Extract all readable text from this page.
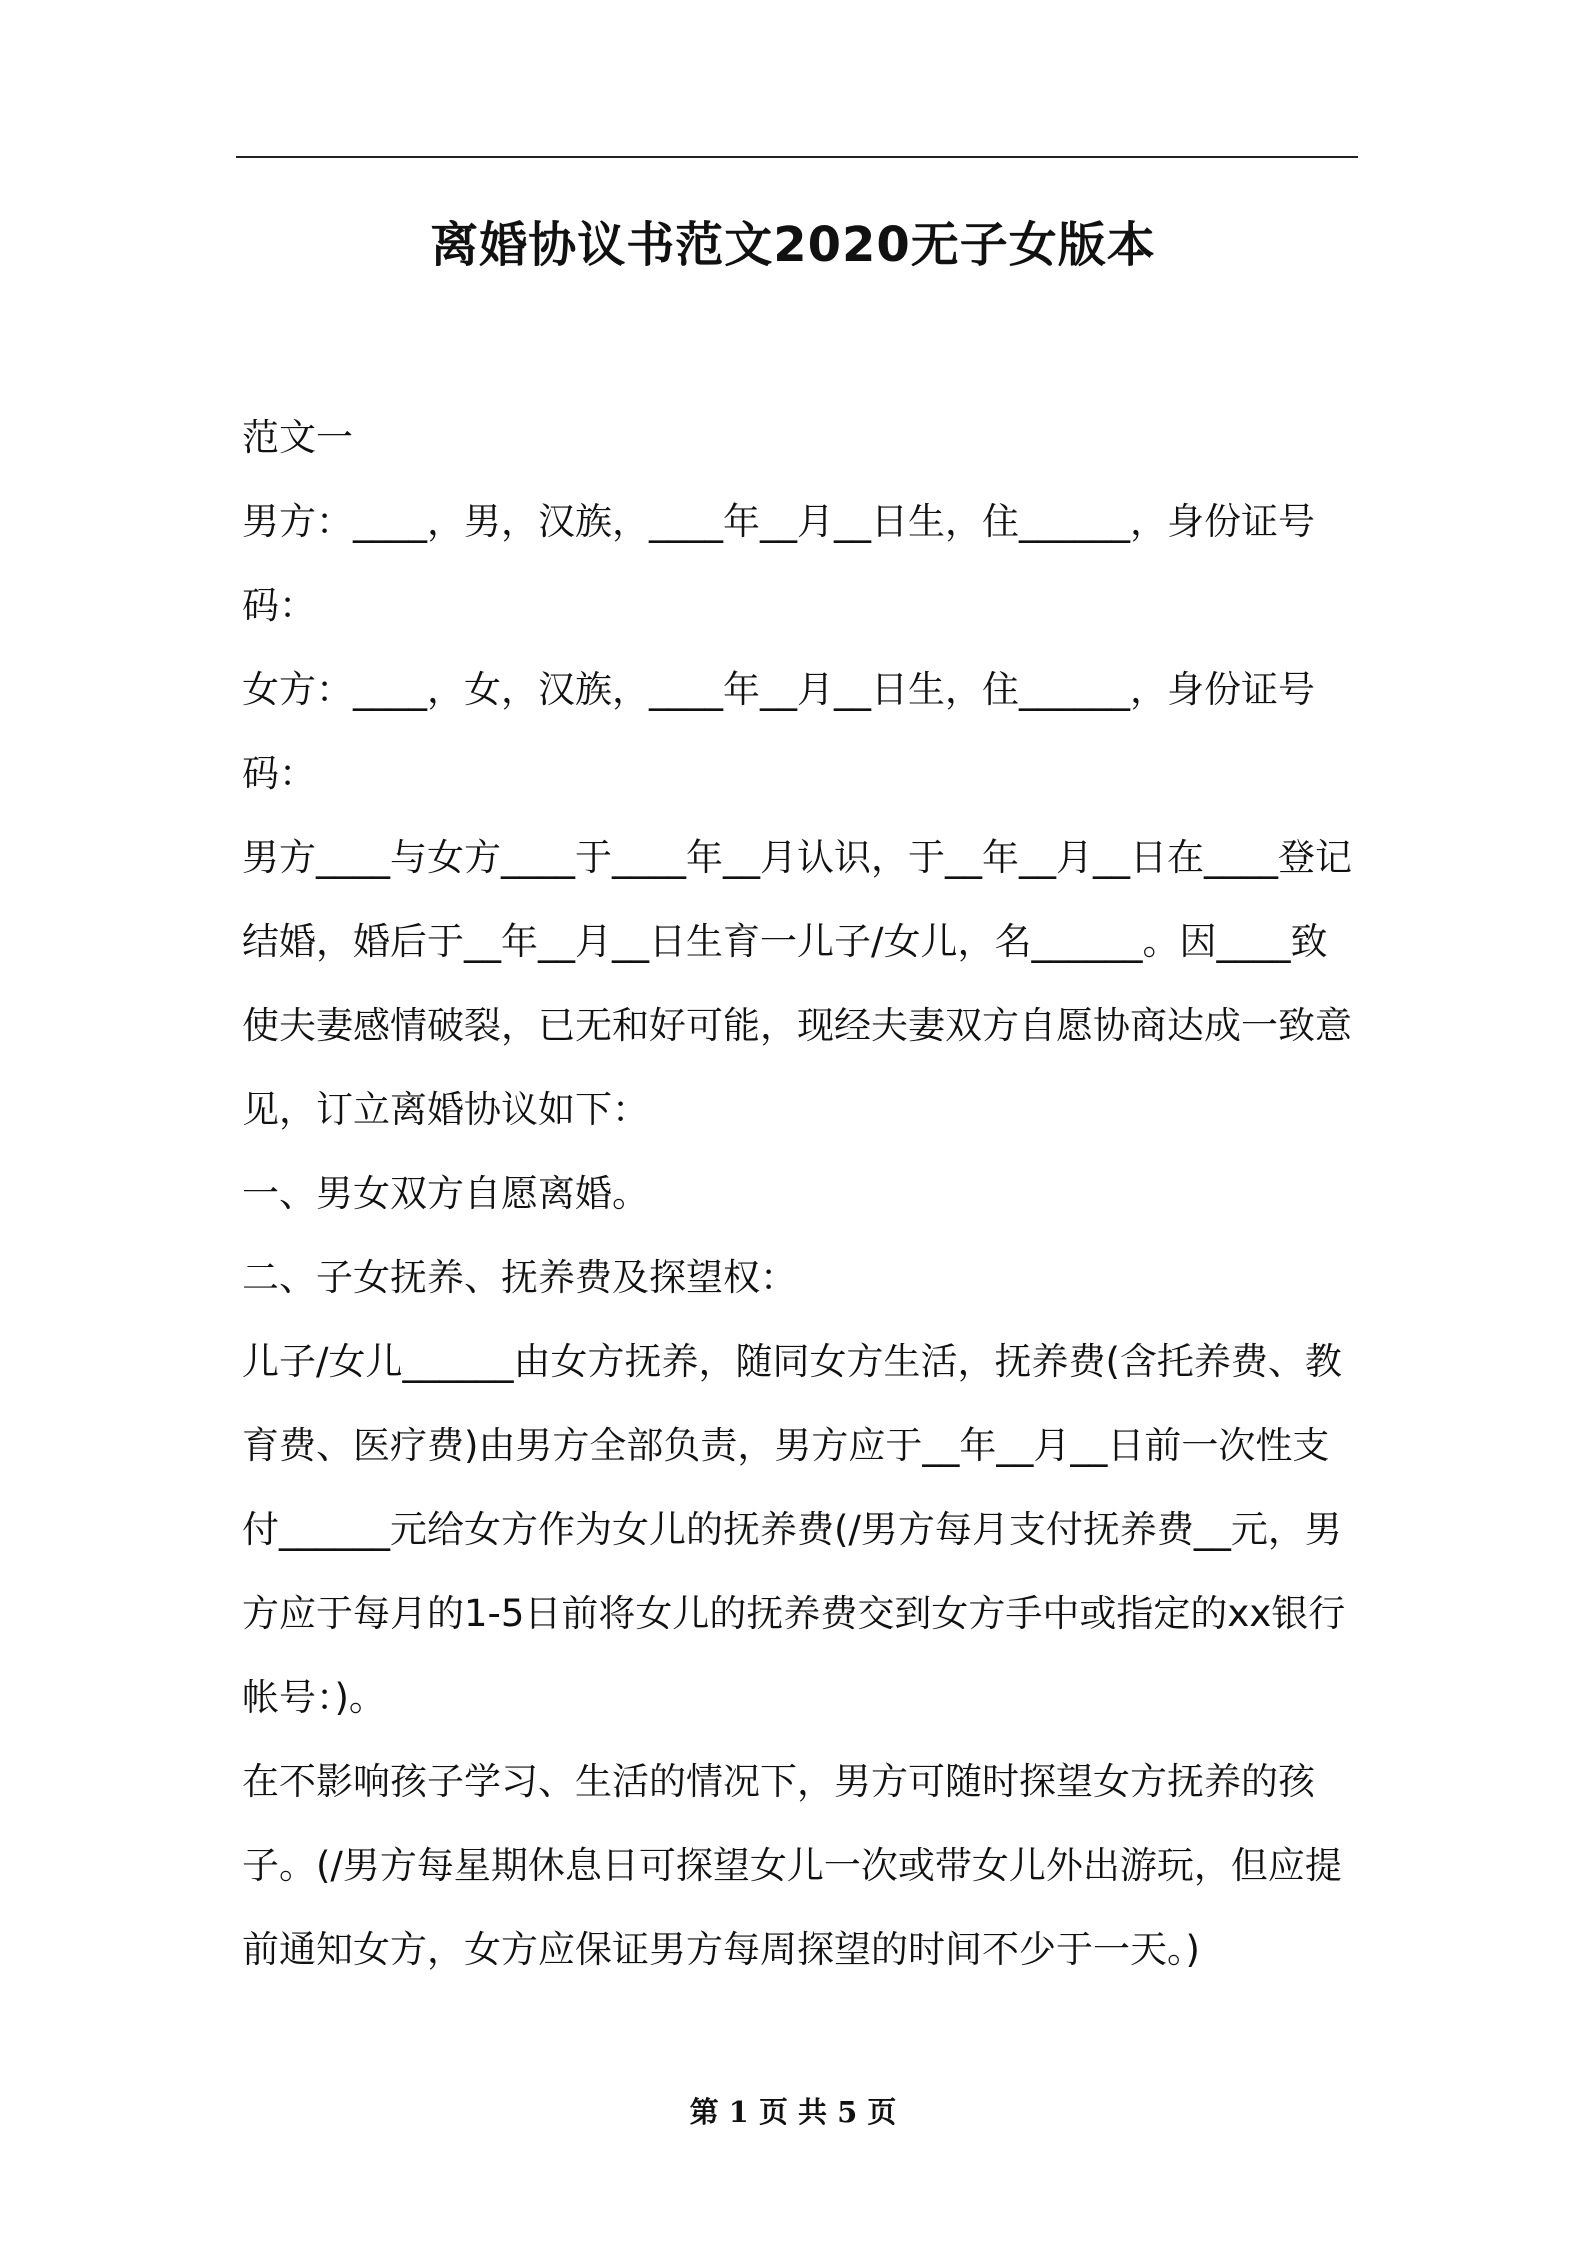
离婚协议书范文2020无子女版本

范文一

男方：____，男，汉族，____年__月__日生，住______，身份证号码：

女方：____，女，汉族，____年__月__日生，住______，身份证号码：

男方____与女方____于____年__月认识，于__年__月__日在____登记结婚，婚后于__年__月__日生育一儿子/女儿，名______。因____致使夫妻感情破裂，已无和好可能，现经夫妻双方自愿协商达成一致意见，订立离婚协议如下：

一、男女双方自愿离婚。

二、子女抚养、抚养费及探望权：

儿子/女儿______由女方抚养，随同女方生活，抚养费(含托养费、教育费、医疗费)由男方全部负责，男方应于__年__月__日前一次性支付______元给女方作为女儿的抚养费(/男方每月支付抚养费__元，男方应于每月的1-5日前将女儿的抚养费交到女方手中或指定的xx银行帐号：)。

在不影响孩子学习、生活的情况下，男方可随时探望女方抚养的孩子。(/男方每星期休息日可探望女儿一次或带女儿外出游玩，但应提前通知女方，女方应保证男方每周探望的时间不少于一天。)

第 1 页 共 5 页
